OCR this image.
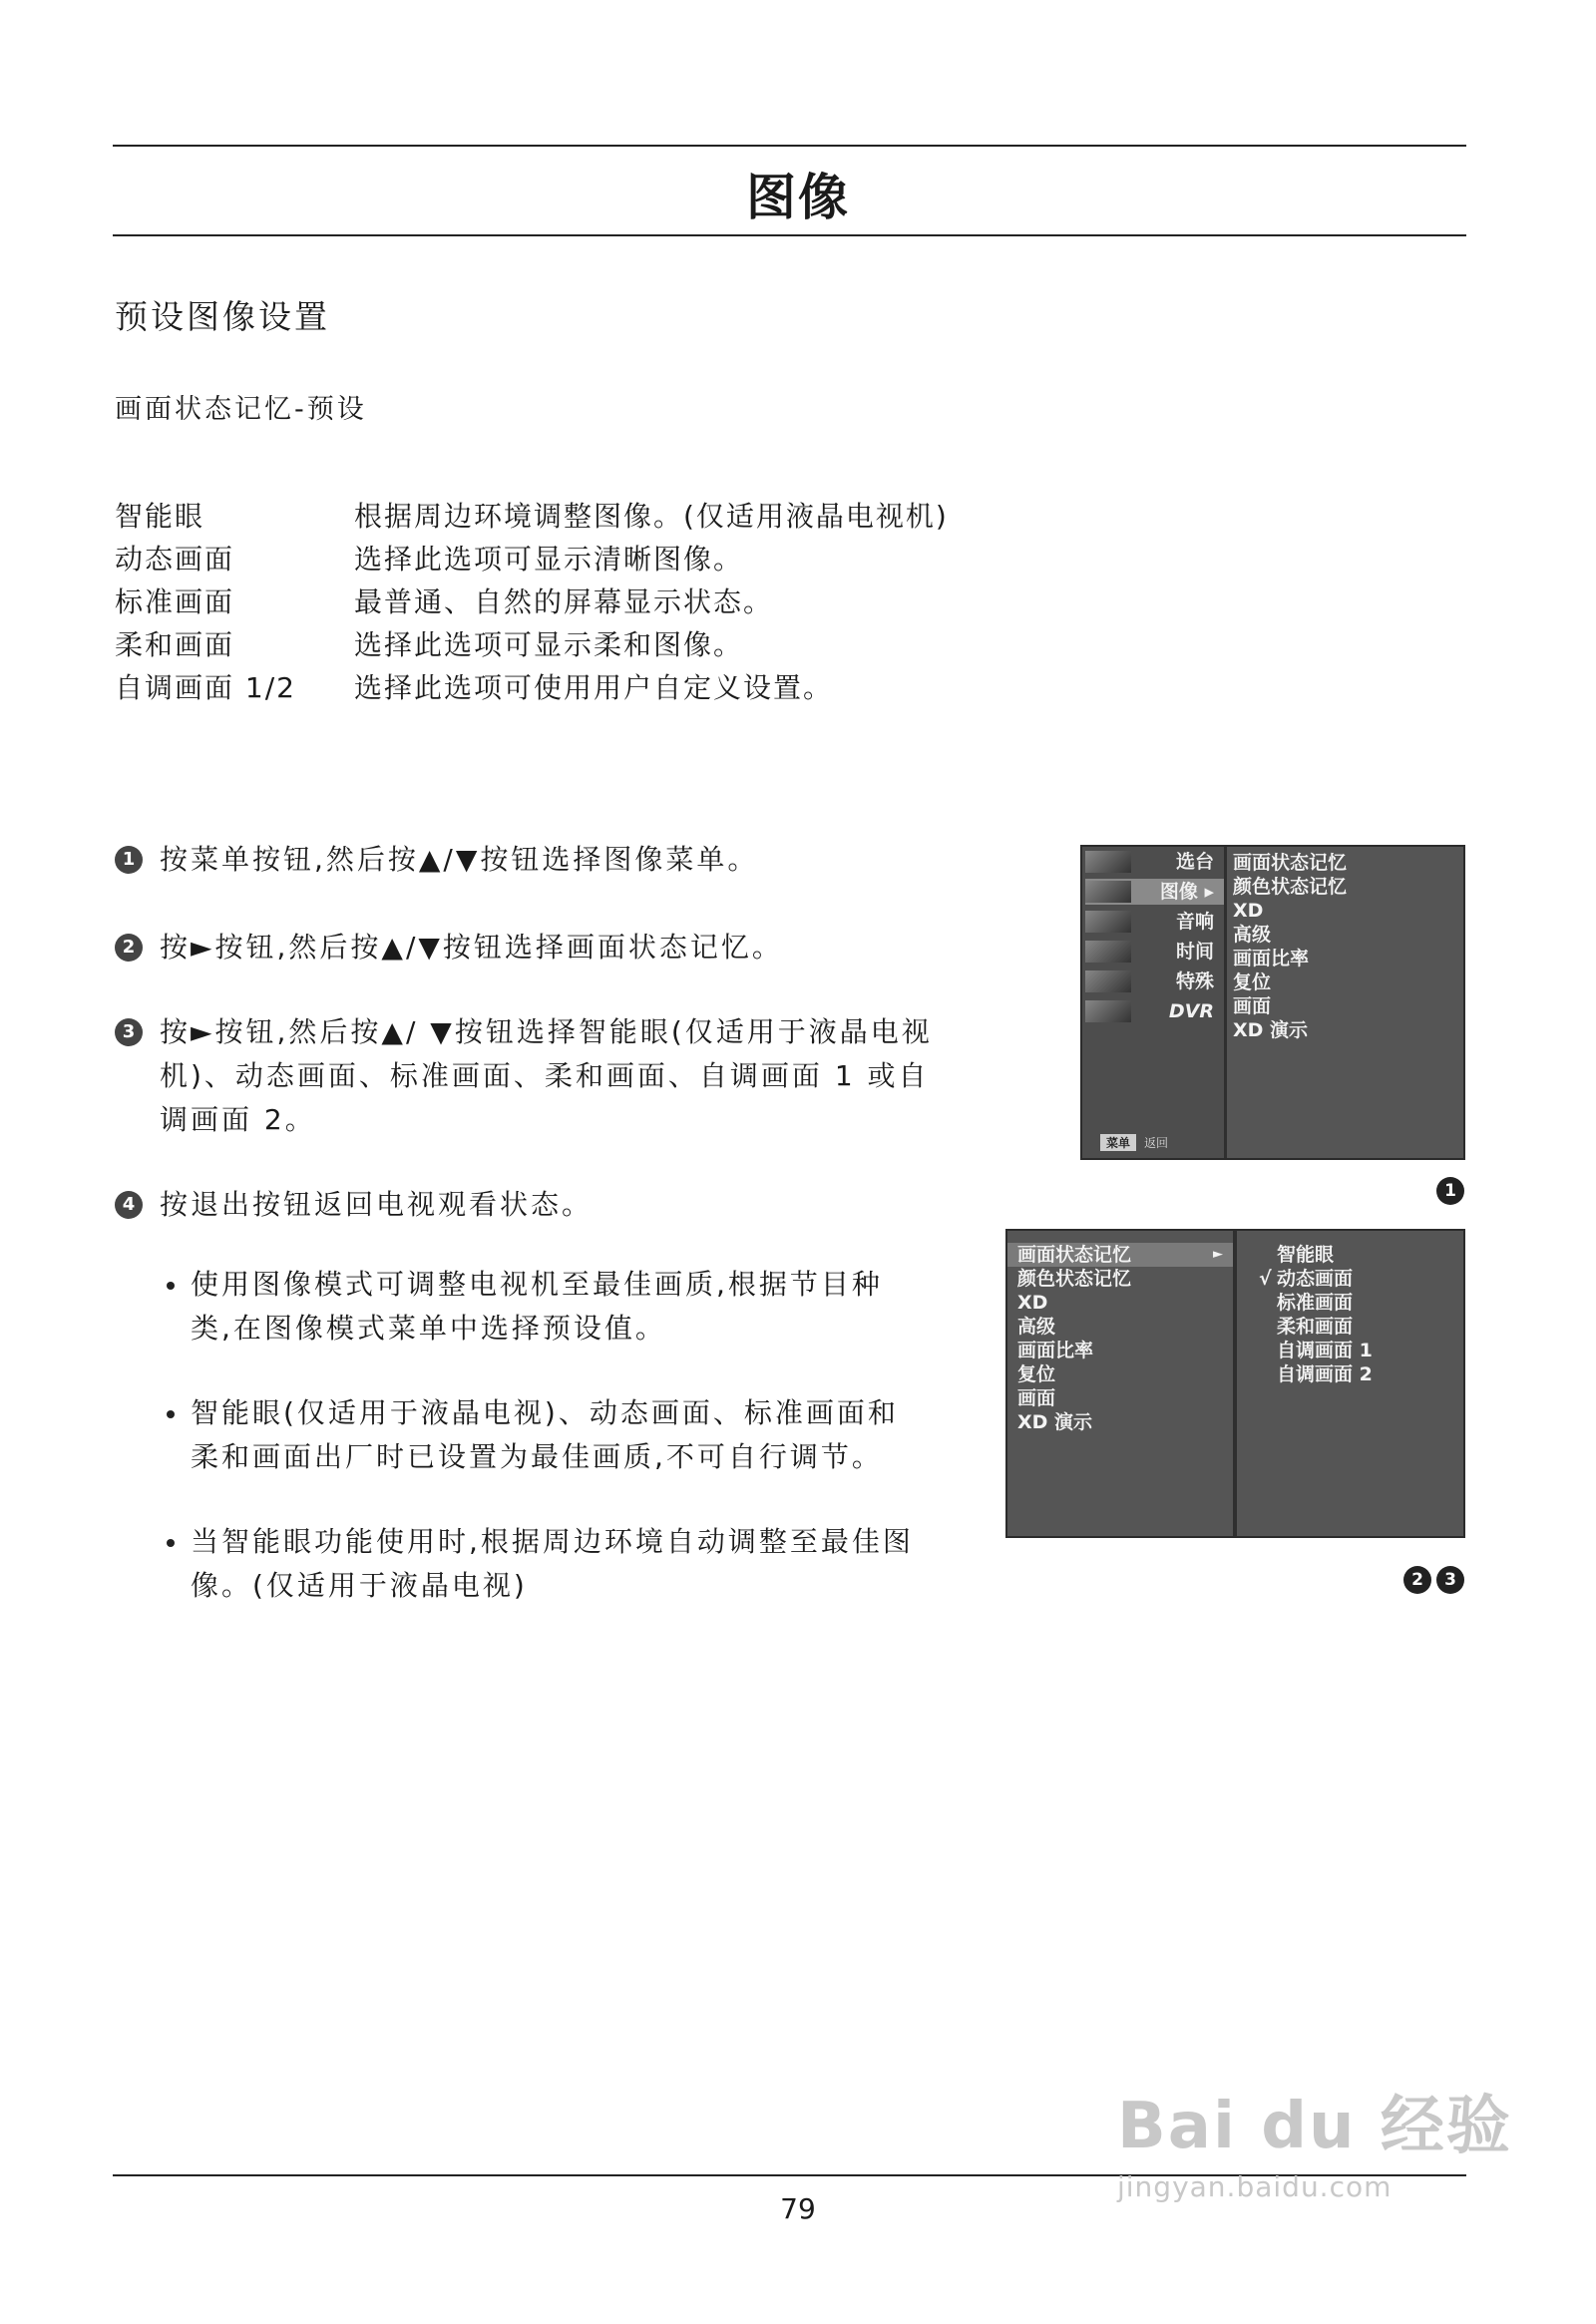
图像
预设图像设置
画面状态记忆-预设
智能眼	根据周边环境调整图像。(仅适用液晶电视机)
动态画面	选择此选项可显示清晰图像。
标准画面	最普通、自然的屏幕显示状态。
柔和画面	选择此选项可显示柔和图像。
自调画面 1/2 选择此选项可使用用户自定义设置。
1 按菜单按钮,然后按▲/▼按钮选择图像菜单。
2 按►按钮,然后按▲/▼按钮选择画面状态记忆。
3 按►按钮,然后按▲/ ▼按钮选择智能眼(仅适用于液晶电视机)、动态画面、标准画面、柔和画面、自调画面 1 或自调画面 2。
4 按退出按钮返回电视观看状态。
使用图像模式可调整电视机至最佳画质,根据节目种类,在图像模式菜单中选择预设值。
智能眼(仅适用于液晶电视)、动态画面、标准画面和柔和画面出厂时已设置为最佳画质,不可自行调节。
当智能眼功能使用时,根据周边环境自动调整至最佳图像。(仅适用于液晶电视)
选台
图像 ▸
音响
时间
特殊
DVR
菜单 返回
画面状态记忆
颜色状态记忆
XD
高级
画面比率
复位
画面
XD 演示
1
画面状态记忆	►
颜色状态记忆
XD
高级
画面比率
复位
画面
XD 演示
智能眼
√ 动态画面
标准画面
柔和画面
自调画面 1
自调画面 2
2	3
79
Bai du 经验
jingyan.baidu.com
